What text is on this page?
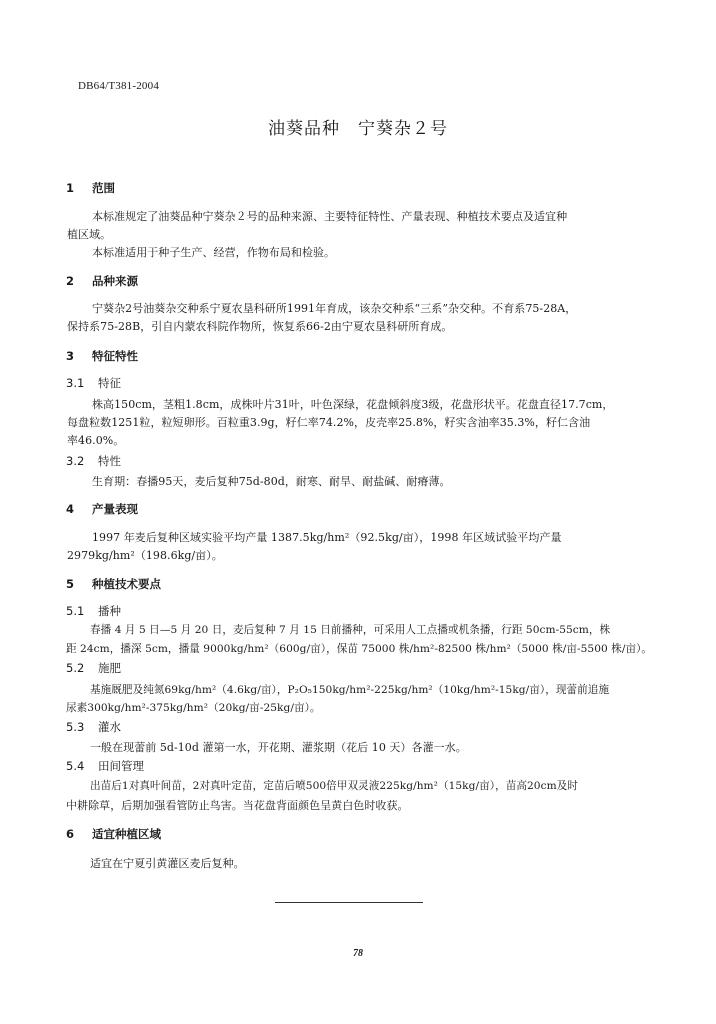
DB64/T381-2004
油葵品种　宁葵杂２号
1 范围
本标准规定了油葵品种宁葵杂２号的品种来源、主要特征特性、产量表现、种植技术要点及适宜种
植区域。
本标准适用于种子生产、经营，作物布局和检验。
2 品种来源
宁葵杂2号油葵杂交种系宁夏农垦科研所1991年育成，该杂交种系“三系”杂交种。不育系75-28A，
保持系75-28B，引自内蒙农科院作物所，恢复系66-2由宁夏农垦科研所育成。
3 特征特性
3.1 特征
株高150cm，茎粗1.8cm，成株叶片31叶，叶色深绿，花盘倾斜度3级，花盘形状平。花盘直径17.7cm，
每盘粒数1251粒，粒短卵形。百粒重3.9g，籽仁率74.2%，皮壳率25.8%，籽实含油率35.3%，籽仁含油
率46.0%。
3.2 特性
生育期：春播95天，麦后复种75d-80d，耐寒、耐旱、耐盐碱、耐瘠薄。
4 产量表现
1997 年麦后复种区域实验平均产量 1387.5kg/hm²（92.5kg/亩），1998 年区域试验平均产量
2979kg/hm²（198.6kg/亩）。
5 种植技术要点
5.1 播种
春播 4 月 5 日—5 月 20 日，麦后复种 7 月 15 日前播种，可采用人工点播或机条播，行距 50cm-55cm，株
距 24cm，播深 5cm，播量 9000kg/hm²（600g/亩），保苗 75000 株/hm²-82500 株/hm²（5000 株/亩-5500 株/亩）。
5.2 施肥
基施厩肥及纯氮69kg/hm²（4.6kg/亩），P₂O₅150kg/hm²-225kg/hm²（10kg/hm²-15kg/亩），现蕾前追施
尿素300kg/hm²-375kg/hm²（20kg/亩-25kg/亩）。
5.3 灌水
一般在现蕾前 5d-10d 灌第一水，开花期、灌浆期（花后 10 天）各灌一水。
5.4 田间管理
出苗后1对真叶间苗，2对真叶定苗，定苗后喷500倍甲双灵液225kg/hm²（15kg/亩），苗高20cm及时
中耕除草，后期加强看管防止鸟害。当花盘背面颜色呈黄白色时收获。
6 适宜种植区域
适宜在宁夏引黄灌区麦后复种。
78
